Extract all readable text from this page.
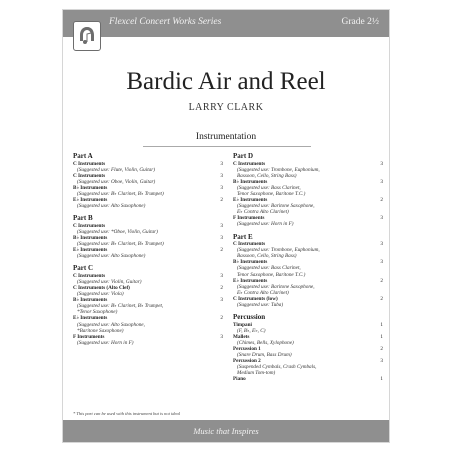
Flexcel Concert Works Series	Grade 2½
Bardic Air and Reel
LARRY CLARK
Instrumentation
Part A
C Instruments	3
(Suggested use: Flute, Violin, Guitar)
C Instruments	3
(Suggested use: Oboe, Violin, Guitar)
B♭ Instruments	3
(Suggested use: B♭ Clarinet, B♭ Trumpet)
E♭ Instruments	2
(Suggested use: Alto Saxophone)
Part B
C Instruments	3
(Suggested use: *Oboe, Violin, Guitar)
B♭ Instruments	3
(Suggested use: B♭ Clarinet, B♭ Trumpet)
E♭ Instruments	2
(Suggested use: Alto Saxophone)
Part C
C Instruments	3
(Suggested use: Violin, Guitar)
C Instruments (Alto Clef)	2
(Suggested use: Viola)
B♭ Instruments	3
(Suggested use: B♭ Clarinet, B♭ Trumpet,
*Tenor Saxophone)
E♭ Instruments	2
(Suggested use: Alto Saxophone,
*Baritone Saxophone)
F Instruments	3
(Suggested use: Horn in F)
Part D
C Instruments	3
(Suggested use: Trombone, Euphonium,
Bassoon, Cello, String Bass)
B♭ Instruments	3
(Suggested use: Bass Clarinet,
Tenor Saxophone, Baritone T.C.)
E♭ Instruments	2
(Suggested use: Baritone Saxophone,
E♭ Contra Alto Clarinet)
F Instruments	3
(Suggested use: Horn in F)
Part E
C Instruments	3
(Suggested use: Trombone, Euphonium,
Bassoon, Cello, String Bass)
B♭ Instruments	3
(Suggested use: Bass Clarinet,
Tenor Saxophone, Baritone T.C.)
E♭ Instruments	2
(Suggested use: Baritone Saxophone,
E♭ Contra Alto Clarinet)
C Instruments (low)	2
(Suggested use: Tuba)
Percussion
Timpani	1
(F, B♭, E♭, C)
Mallets	1
(Chimes, Bells, Xylophone)
Percussion 1	2
(Snare Drum, Bass Drum)
Percussion 2	3
(Suspended Cymbals, Crash Cymbals,
Medium Tom-tom)
Piano	1
* This part can be used with this instrument but is not ideal
Music that Inspires
